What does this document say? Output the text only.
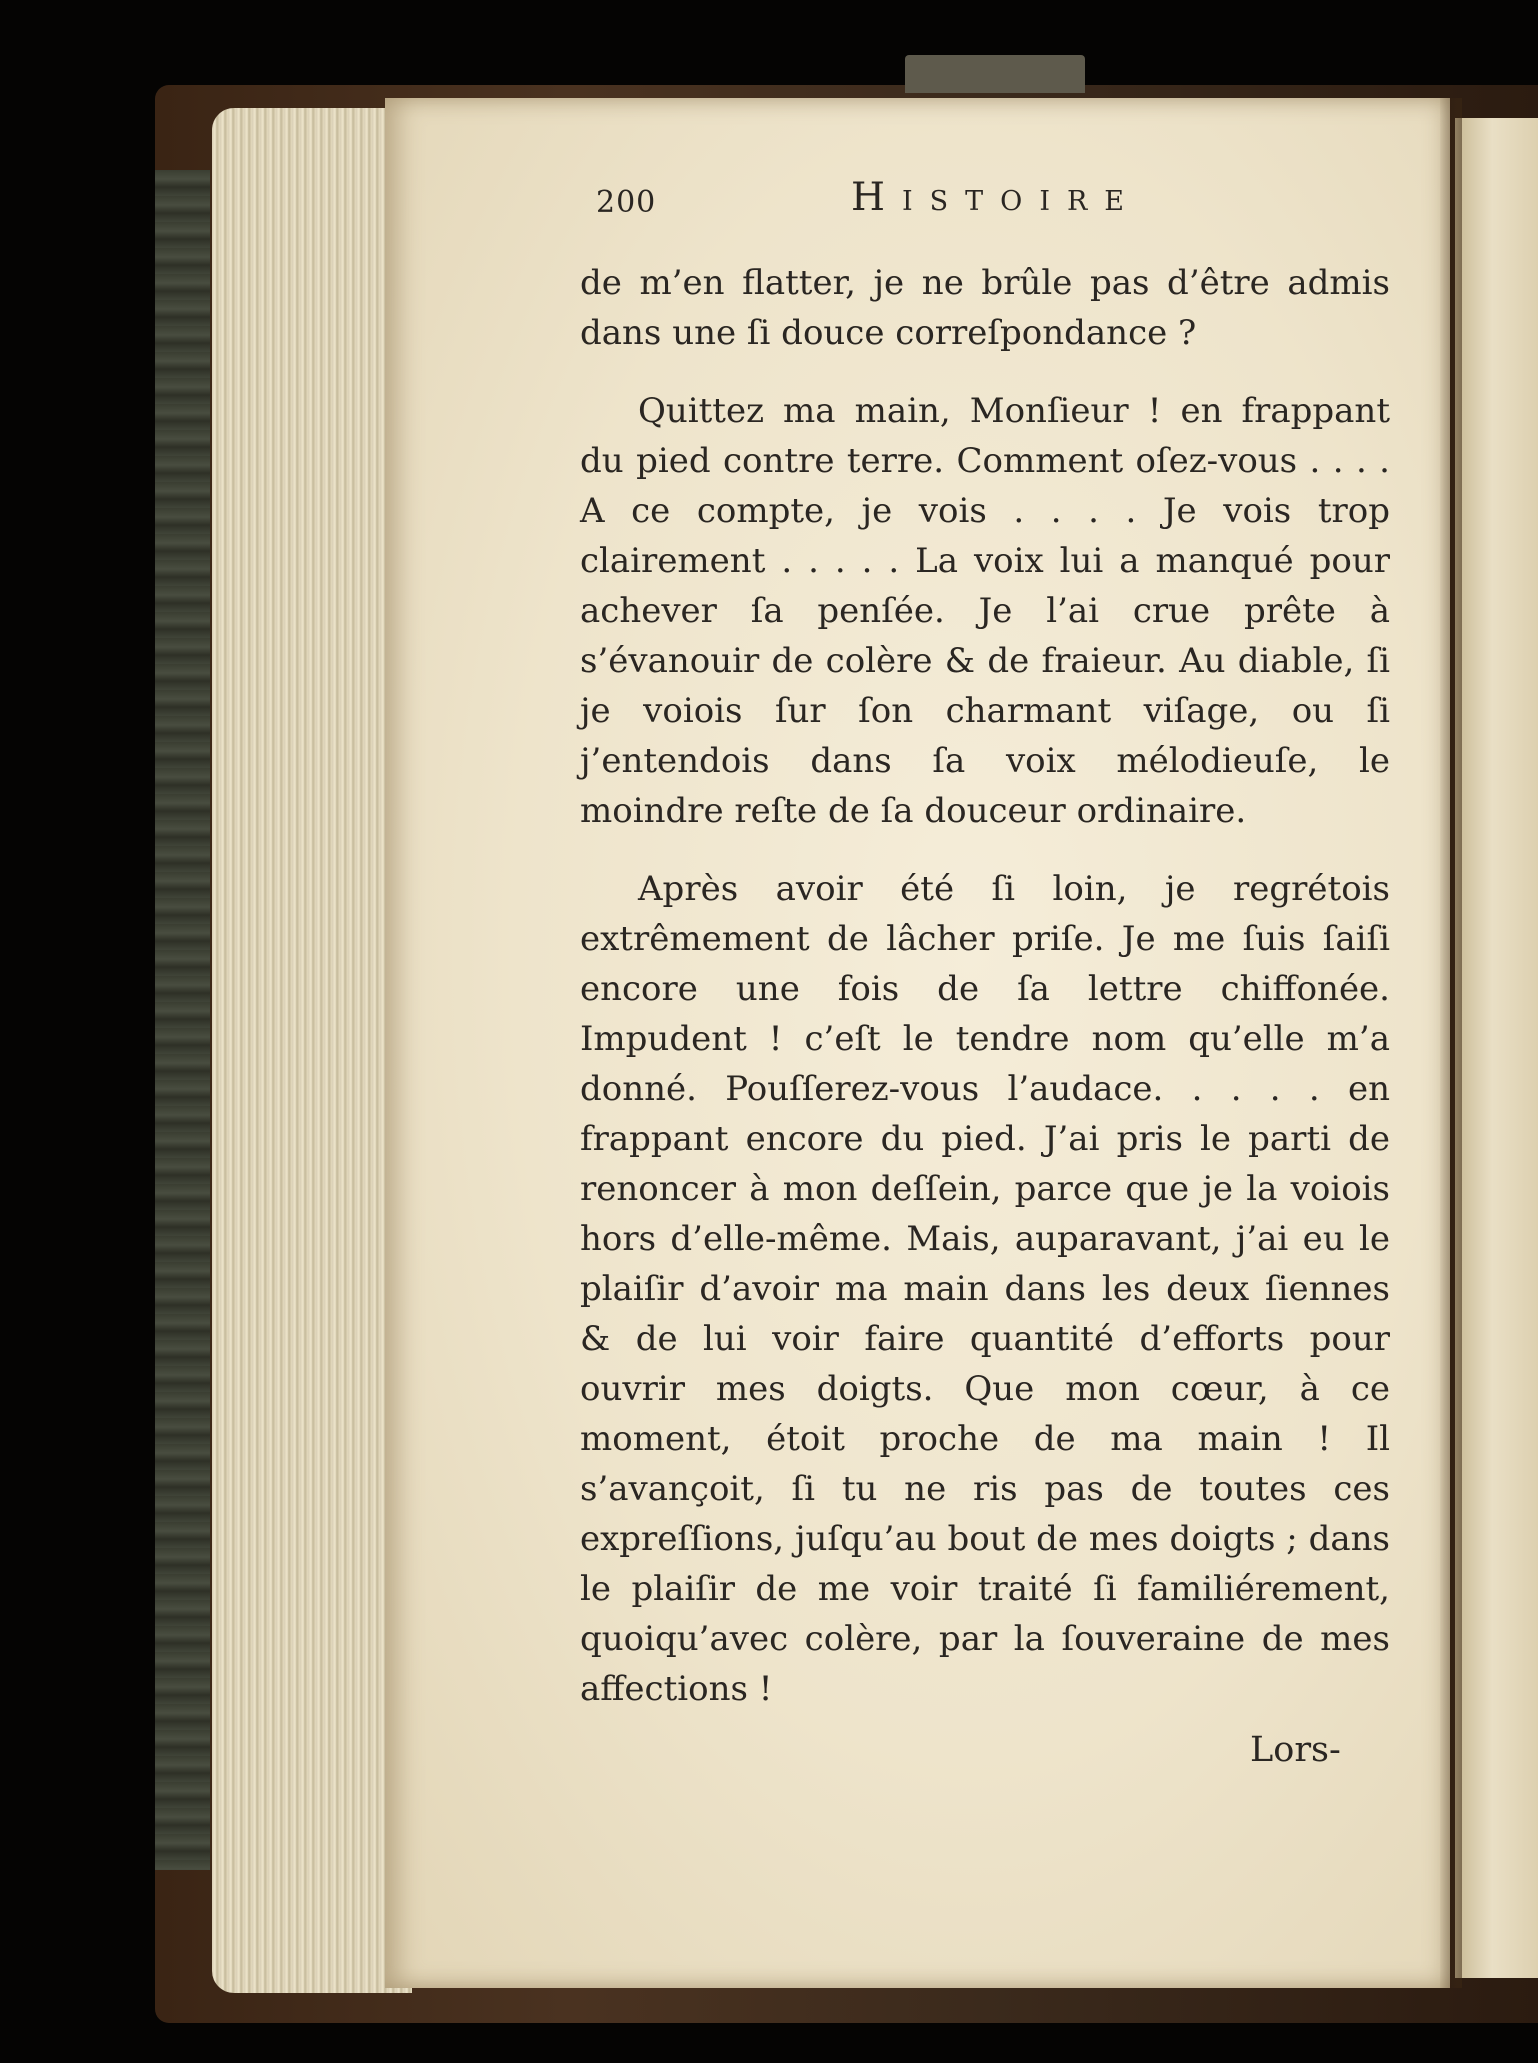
200	Histoire

de m’en flatter, je ne brûle pas d’être admis dans une ſi douce correſpondance ?

Quittez ma main, Monſieur ! en frappant du pied contre terre. Comment oſez-vous . . . . A ce compte, je vois . . . . Je vois trop clairement . . . . . La voix lui a manqué pour achever ſa penſée. Je l’ai crue prête à s’évanouir de colère & de fraieur. Au diable, ſi je voiois ſur ſon charmant viſage, ou ſi j’entendois dans ſa voix mélodieuſe, le moindre reſte de ſa douceur ordinaire.

Après avoir été ſi loin, je regrétois extrêmement de lâcher priſe. Je me ſuis ſaiſi encore une fois de ſa lettre chiffonée. Impudent ! c’eſt le tendre nom qu’elle m’a donné. Pouſſerez-vous l’audace. . . . . en frappant encore du pied. J’ai pris le parti de renoncer à mon deſſein, parce que je la voiois hors d’elle-même. Mais, auparavant, j’ai eu le plaiſir d’avoir ma main dans les deux ſiennes & de lui voir faire quantité d’efforts pour ouvrir mes doigts. Que mon cœur, à ce moment, étoit proche de ma main ! Il s’avançoit, ſi tu ne ris pas de toutes ces expreſſions, juſqu’au bout de mes doigts ; dans le plaiſir de me voir traité ſi familiérement, quoiqu’avec colère, par la ſouveraine de mes affections !

Lors-
